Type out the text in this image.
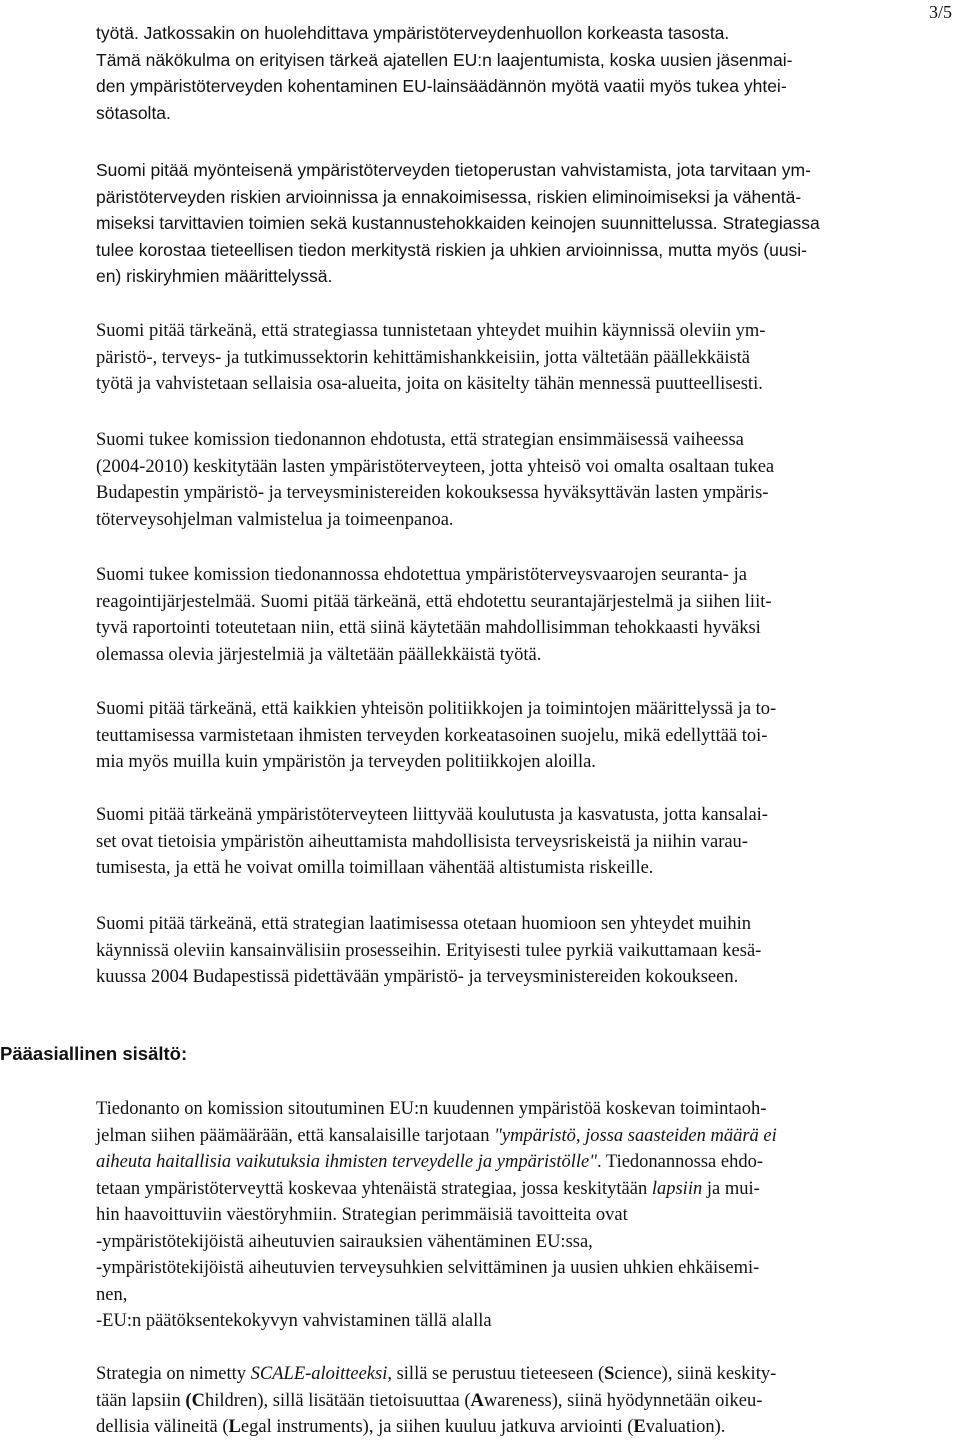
3/5
työtä. Jatkossakin on huolehdittava ympäristöterveydenhuollon korkeasta tasosta.
Tämä näkökulma on erityisen tärkeä ajatellen EU:n laajentumista, koska uusien jäsenmai-
den ympäristöterveyden kohentaminen EU-lainsäädännön myötä vaatii myös tukea yhtei-
sötasolta.
Suomi pitää myönteisenä ympäristöterveyden tietoperustan vahvistamista, jota tarvitaan ym-
päristöterveyden riskien arvioinnissa ja ennakoimisessa, riskien eliminoimiseksi ja vähentä-
miseksi tarvittavien toimien sekä kustannustehokkaiden keinojen suunnittelussa. Strategiassa
tulee korostaa tieteellisen tiedon merkitystä riskien ja uhkien arvioinnissa, mutta myös (uusi-
en) riskiryhmien määrittelyssä.
Suomi pitää tärkeänä, että strategiassa tunnistetaan yhteydet muihin käynnissä oleviin ym-
päristö-, terveys- ja tutkimussektorin kehittämishankkeisiin, jotta vältetään päällekkäistä
työtä ja vahvistetaan sellaisia osa-alueita, joita on käsitelty tähän mennessä puutteellisesti.
Suomi tukee komission tiedonannon ehdotusta, että strategian ensimmäisessä vaiheessa
(2004-2010) keskitytään lasten ympäristöterveyteen, jotta yhteisö voi omalta osaltaan tukea
Budapestin ympäristö- ja terveysministereiden kokouksessa hyväksyttävän lasten ympäris-
töterveysohjelman valmistelua ja toimeenpanoa.
Suomi tukee komission tiedonannossa ehdotettua ympäristöterveysvaarojen seuranta- ja
reagointijärjestelmää. Suomi pitää tärkeänä, että ehdotettu seurantajärjestelmä ja siihen liit-
tyvä raportointi toteutetaan niin, että siinä käytetään mahdollisimman tehokkaasti hyväksi
olemassa olevia järjestelmiä ja vältetään päällekkäistä työtä.
Suomi pitää tärkeänä, että kaikkien yhteisön politiikkojen ja toimintojen määrittelyssä ja to-
teuttamisessa varmistetaan ihmisten terveyden korkeatasoinen suojelu, mikä edellyttää toi-
mia myös muilla kuin ympäristön ja terveyden politiikkojen aloilla.
Suomi pitää tärkeänä ympäristöterveyteen liittyvää koulutusta ja kasvatusta, jotta kansalai-
set ovat tietoisia ympäristön aiheuttamista mahdollisista terveysriskeistä ja niihin varau-
tumisesta, ja että he voivat omilla toimillaan vähentää altistumista riskeille.
Suomi pitää tärkeänä, että strategian laatimisessa otetaan huomioon sen yhteydet muihin
käynnissä oleviin kansainvälisiin prosesseihin. Erityisesti tulee pyrkiä vaikuttamaan kesä-
kuussa 2004 Budapestissä pidettävään ympäristö- ja terveysministereiden kokoukseen.
Pääasiallinen sisältö:
Tiedonanto on komission sitoutuminen EU:n kuudennen ympäristöä koskevan toimintaoh-
jelman siihen päämäärään, että kansalaisille tarjotaan "ympäristö, jossa saasteiden määrä ei
aiheuta haitallisia vaikutuksia ihmisten terveydelle ja ympäristölle". Tiedonannossa ehdo-
tetaan ympäristöterveyttä koskevaa yhtenäistä strategiaa, jossa keskitytään lapsiin ja mui-
hin haavoittuviin väestöryhmiin. Strategian perimmäisiä tavoitteita ovat
-ympäristötekijöistä aiheutuvien sairauksien vähentäminen EU:ssa,
-ympäristötekijöistä aiheutuvien terveysuhkien selvittäminen ja uusien uhkien ehkäisemi-
nen,
-EU:n päätöksentekokyvyn vahvistaminen tällä alalla
Strategia on nimetty SCALE-aloitteeksi, sillä se perustuu tieteeseen (Science), siinä keskity-
tään lapsiin (Children), sillä lisätään tietoisuuttaa (Awareness), siinä hyödynnetään oikeu-
dellisia välineitä (Legal instruments), ja siihen kuuluu jatkuva arviointi (Evaluation).
